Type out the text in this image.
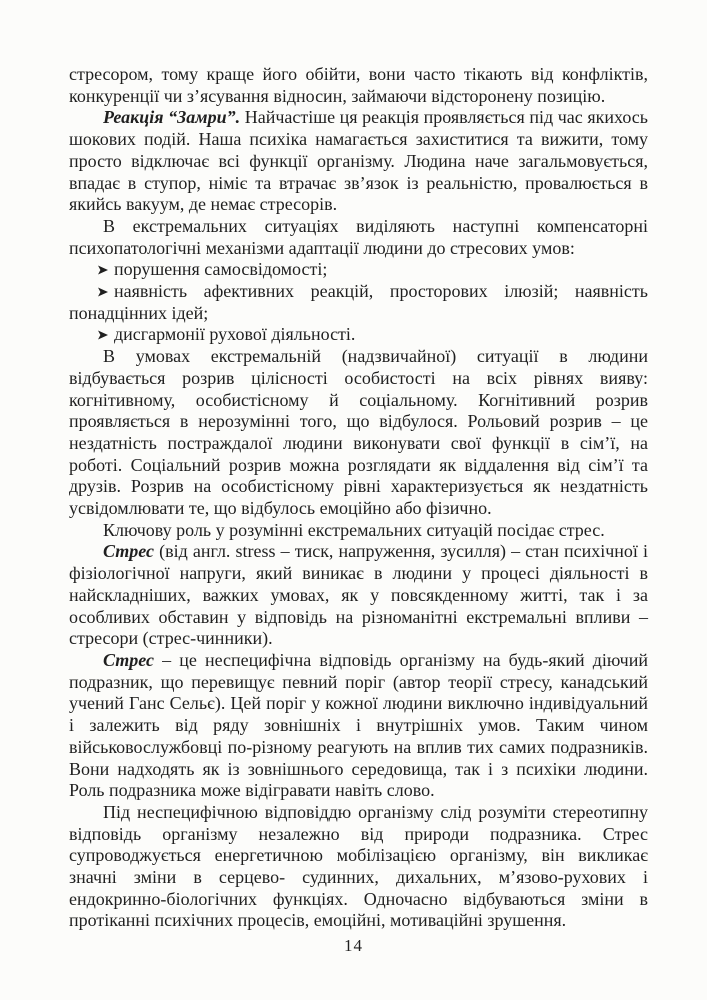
стресором, тому краще його обійти, вони часто тікають від конфліктів, конкуренції чи з’ясування відносин, займаючи відсторонену позицію.

Реакція “Замри”. Найчастіше ця реакція проявляється під час якихось шокових подій. Наша психіка намагається захиститися та вижити, тому просто відключає всі функції організму. Людина наче загальмовується, впадає в ступор, німіє та втрачає зв’язок із реальністю, провалюється в якийсь вакуум, де немає стресорів.

В екстремальних ситуаціях виділяють наступні компенсаторні психопатологічні механізми адаптації людини до стресових умов:

порушення самосвідомості;

наявність афективних реакцій, просторових ілюзій; наявність понадцінних ідей;

дисгармонії рухової діяльності.

В умовах екстремальній (надзвичайної) ситуації в людини відбувається розрив цілісності особистості на всіх рівнях вияву: когнітивному, особистісному й соціальному. Когнітивний розрив проявляється в нерозумінні того, що відбулося. Рольовий розрив – це нездатність постраждалої людини виконувати свої функції в сім’ї, на роботі. Соціальний розрив можна розглядати як віддалення від сім’ї та друзів. Розрив на особистісному рівні характеризується як нездатність усвідомлювати те, що відбулось емоційно або фізично.

Ключову роль у розумінні екстремальних ситуацій посідає стрес.

Стрес (від англ. stress – тиск, напруження, зусилля) – стан психічної і фізіологічної напруги, який виникає в людини у процесі діяльності в найскладніших, важких умовах, як у повсякденному житті, так і за особливих обставин у відповідь на різноманітні екстремальні впливи – стресори (стрес-чинники).

Стрес – це неспецифічна відповідь організму на будь-який діючий подразник, що перевищує певний поріг (автор теорії стресу, канадський учений Ганс Сельє). Цей поріг у кожної людини виключно індивідуальний і залежить від ряду зовнішніх і внутрішніх умов. Таким чином військовослужбовці по-різному реагують на вплив тих самих подразників. Вони надходять як із зовнішнього середовища, так і з психіки людини. Роль подразника може відігравати навіть слово.

Під неспецифічною відповіддю організму слід розуміти стереотипну відповідь організму незалежно від природи подразника. Стрес супроводжується енергетичною мобілізацією організму, він викликає значні зміни в серцево- судинних, дихальних, м’язово-рухових і ендокринно-біологічних функціях. Одночасно відбуваються зміни в протіканні психічних процесів, емоційні, мотиваційні зрушення.

14
